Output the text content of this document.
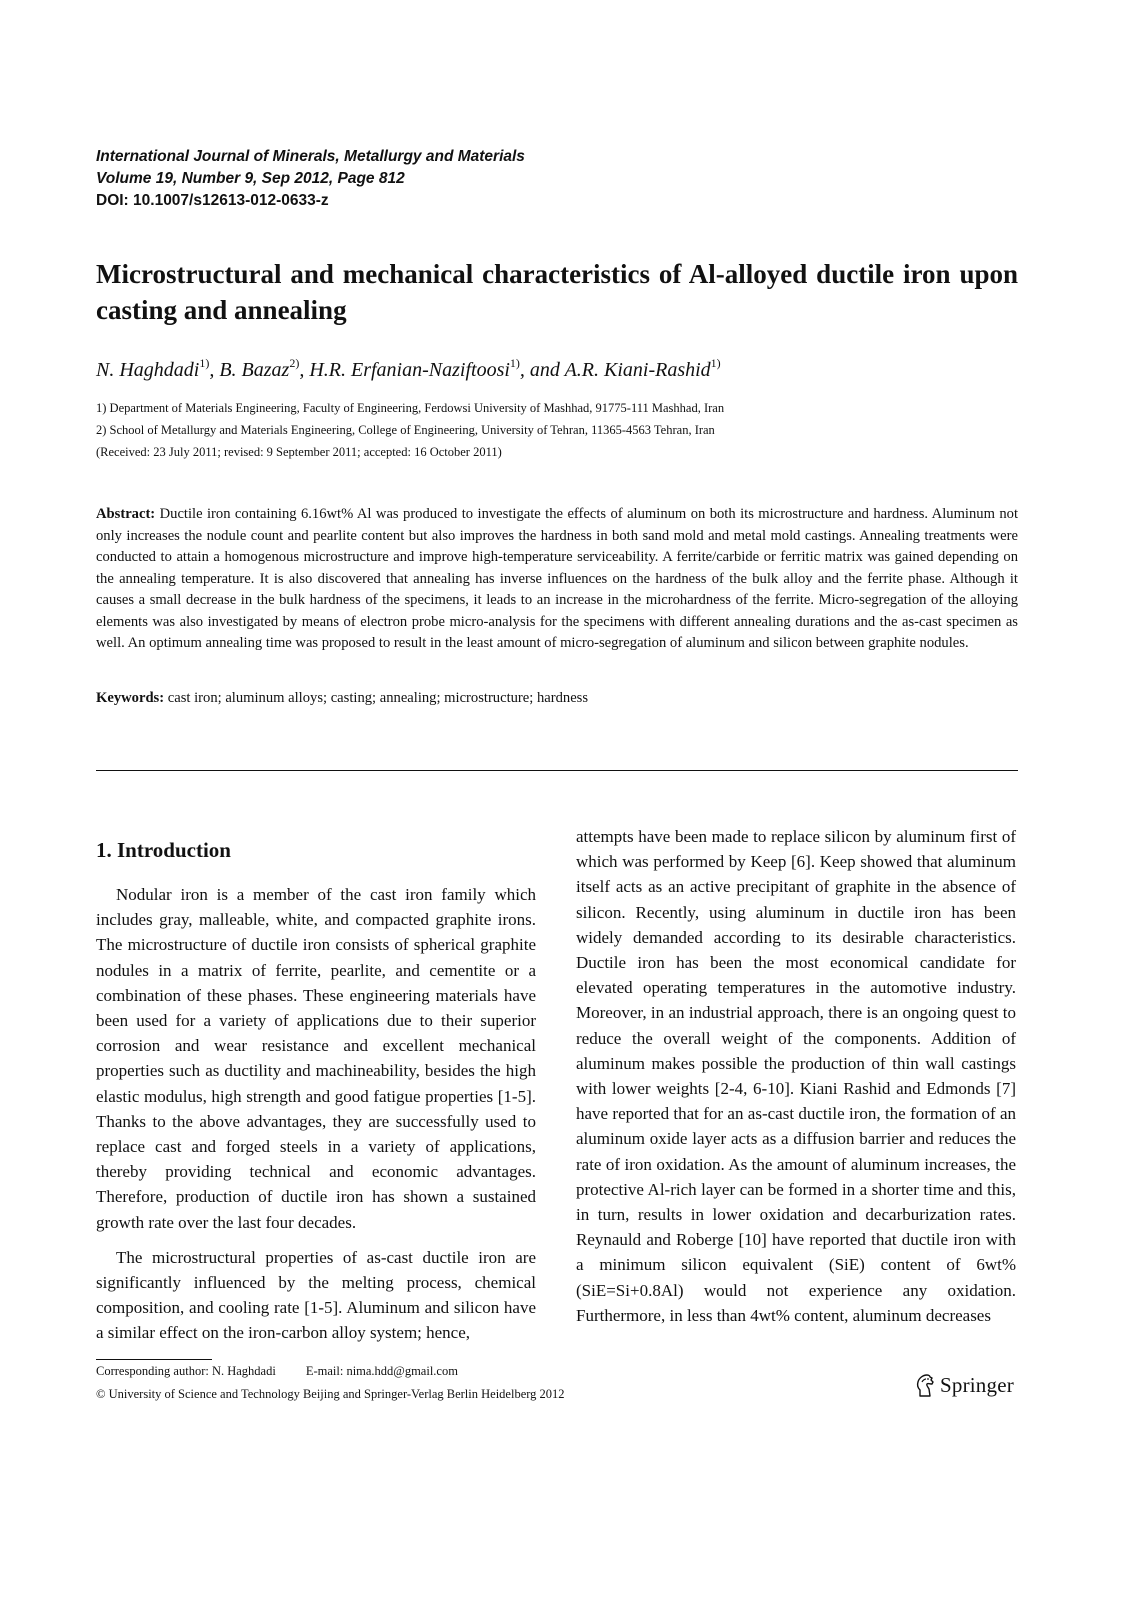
International Journal of Minerals, Metallurgy and Materials
Volume 19, Number 9, Sep 2012, Page 812
DOI: 10.1007/s12613-012-0633-z
Microstructural and mechanical characteristics of Al-alloyed ductile iron upon casting and annealing
N. Haghdadi$^{1)}$, B. Bazaz$^{2)}$, H.R. Erfanian-Naziftoosi$^{1)}$, and A.R. Kiani-Rashid$^{1)}$
1) Department of Materials Engineering, Faculty of Engineering, Ferdowsi University of Mashhad, 91775-111 Mashhad, Iran
2) School of Metallurgy and Materials Engineering, College of Engineering, University of Tehran, 11365-4563 Tehran, Iran
(Received: 23 July 2011; revised: 9 September 2011; accepted: 16 October 2011)
Abstract: Ductile iron containing 6.16wt% Al was produced to investigate the effects of aluminum on both its microstructure and hardness. Aluminum not only increases the nodule count and pearlite content but also improves the hardness in both sand mold and metal mold castings. Annealing treatments were conducted to attain a homogenous microstructure and improve high-temperature serviceability. A ferrite/carbide or ferritic matrix was gained depending on the annealing temperature. It is also discovered that annealing has inverse influences on the hardness of the bulk alloy and the ferrite phase. Although it causes a small decrease in the bulk hardness of the specimens, it leads to an increase in the microhardness of the ferrite. Micro-segregation of the alloying elements was also investigated by means of electron probe micro-analysis for the specimens with different annealing durations and the as-cast specimen as well. An optimum annealing time was proposed to result in the least amount of micro-segregation of aluminum and silicon between graphite nodules.
Keywords: cast iron; aluminum alloys; casting; annealing; microstructure; hardness
1. Introduction

Nodular iron is a member of the cast iron family which includes gray, malleable, white, and compacted graphite irons. The microstructure of ductile iron consists of spherical graphite nodules in a matrix of ferrite, pearlite, and cementite or a combination of these phases. These engineering materials have been used for a variety of applications due to their superior corrosion and wear resistance and excellent mechanical properties such as ductility and machineability, besides the high elastic modulus, high strength and good fatigue properties [1-5]. Thanks to the above advantages, they are successfully used to replace cast and forged steels in a variety of applications, thereby providing technical and economic advantages. Therefore, production of ductile iron has shown a sustained growth rate over the last four decades.

The microstructural properties of as-cast ductile iron are significantly influenced by the melting process, chemical composition, and cooling rate [1-5]. Aluminum and silicon have a similar effect on the iron-carbon alloy system; hence,

attempts have been made to replace silicon by aluminum first of which was performed by Keep [6]. Keep showed that aluminum itself acts as an active precipitant of graphite in the absence of silicon. Recently, using aluminum in ductile iron has been widely demanded according to its desirable characteristics. Ductile iron has been the most economical candidate for elevated operating temperatures in the automotive industry. Moreover, in an industrial approach, there is an ongoing quest to reduce the overall weight of the components. Addition of aluminum makes possible the production of thin wall castings with lower weights [2-4, 6-10]. Kiani Rashid and Edmonds [7] have reported that for an as-cast ductile iron, the formation of an aluminum oxide layer acts as a diffusion barrier and reduces the rate of iron oxidation. As the amount of aluminum increases, the protective Al-rich layer can be formed in a shorter time and this, in turn, results in lower oxidation and decarburization rates. Reynauld and Roberge [10] have reported that ductile iron with a minimum silicon equivalent (SiE) content of 6wt% (SiE=Si+0.8Al) would not experience any oxidation. Furthermore, in less than 4wt% content, aluminum decreases

Corresponding author: N. Haghdadi E-mail: nima.hdd@gmail.com
© University of Science and Technology Beijing and Springer-Verlag Berlin Heidelberg 2012	Springer
